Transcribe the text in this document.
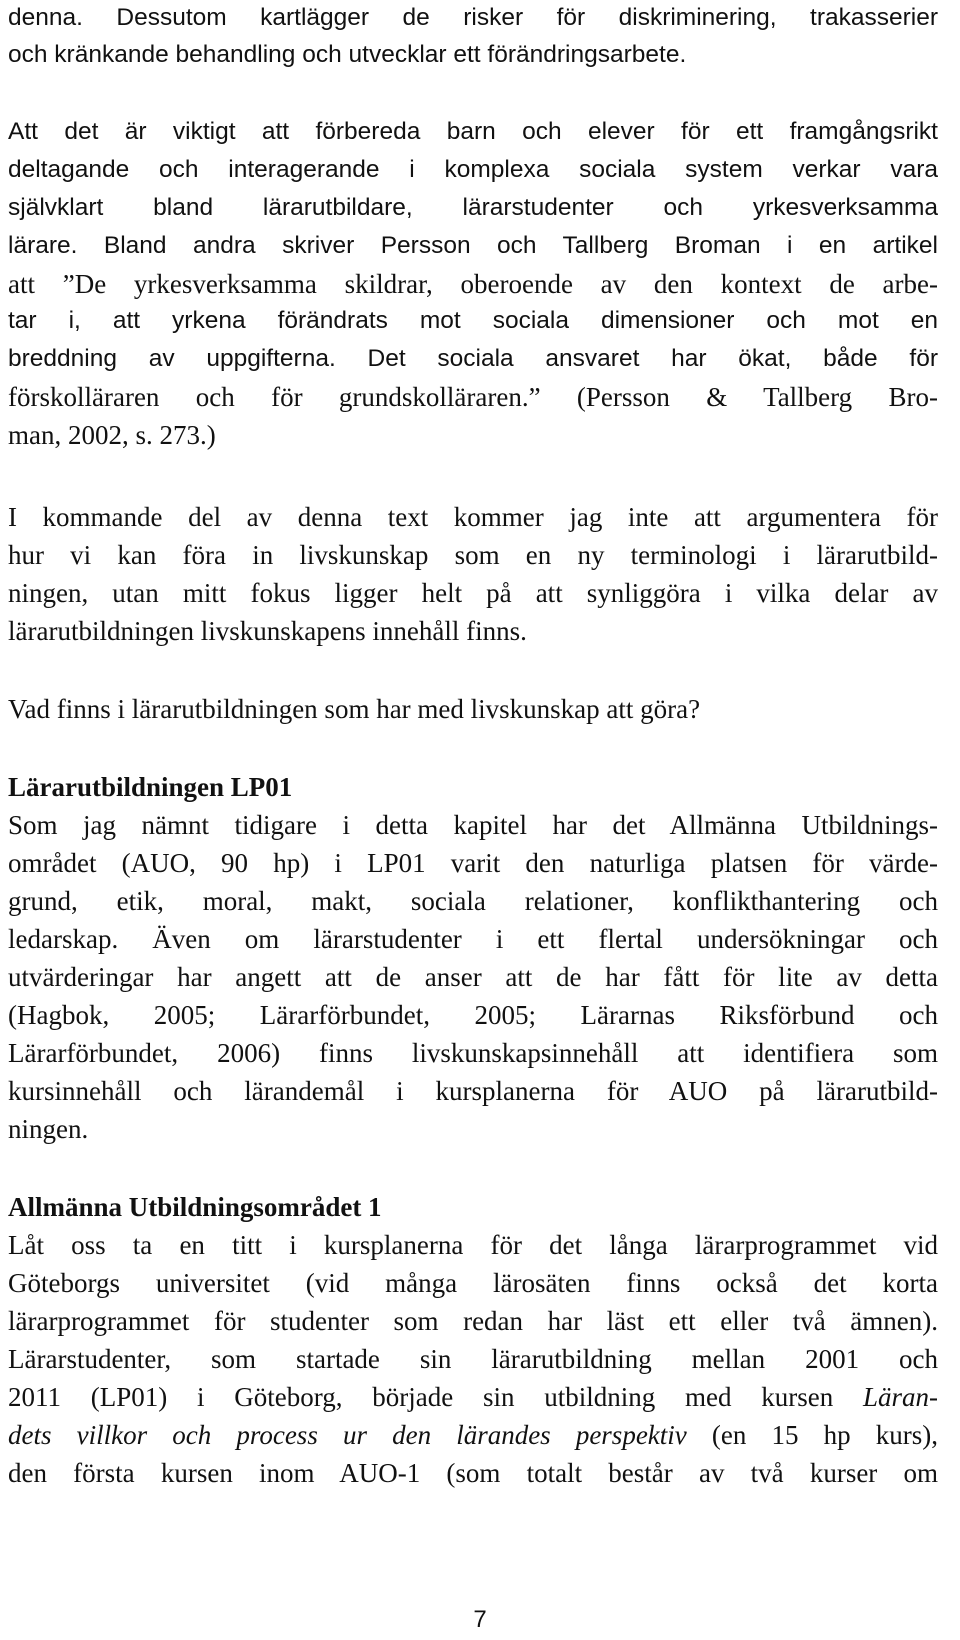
denna. Dessutom kartlägger de risker för diskriminering, trakasserier
och kränkande behandling och utvecklar ett förändringsarbete.
Att det är viktigt att förbereda barn och elever för ett framgångsrikt
deltagande och interagerande i komplexa sociala system verkar vara
självklart bland lärarutbildare, lärarstudenter och yrkesverksamma
lärare. Bland andra skriver Persson och Tallberg Broman i en artikel
att ”De yrkesverksamma skildrar, oberoende av den kontext de arbe-
tar i, att yrkena förändrats mot sociala dimensioner och mot en
breddning av uppgifterna. Det sociala ansvaret har ökat, både för
förskolläraren och för grundskolläraren.” (Persson & Tallberg Bro-
man, 2002, s. 273.)
I kommande del av denna text kommer jag inte att argumentera för
hur vi kan föra in livskunskap som en ny terminologi i lärarutbild-
ningen, utan mitt fokus ligger helt på att synliggöra i vilka delar av
lärarutbildningen livskunskapens innehåll finns.
Vad finns i lärarutbildningen som har med livskunskap att göra?
Lärarutbildningen LP01
Som jag nämnt tidigare i detta kapitel har det Allmänna Utbildnings-
området (AUO, 90 hp) i LP01 varit den naturliga platsen för värde-
grund, etik, moral, makt, sociala relationer, konflikthantering och
ledarskap. Även om lärarstudenter i ett flertal undersökningar och
utvärderingar har angett att de anser att de har fått för lite av detta
(Hagbok, 2005; Lärarförbundet, 2005; Lärarnas Riksförbund och
Lärarförbundet, 2006) finns livskunskapsinnehåll att identifiera som
kursinnehåll och lärandemål i kursplanerna för AUO på lärarutbild-
ningen.
Allmänna Utbildningsområdet 1
Låt oss ta en titt i kursplanerna för det långa lärarprogrammet vid
Göteborgs universitet (vid många lärosäten finns också det korta
lärarprogrammet för studenter som redan har läst ett eller två ämnen).
Lärarstudenter, som startade sin lärarutbildning mellan 2001 och
2011 (LP01) i Göteborg, började sin utbildning med kursen Läran-
dets villkor och process ur den lärandes perspektiv (en 15 hp kurs),
den första kursen inom AUO-1 (som totalt består av två kurser om
7
